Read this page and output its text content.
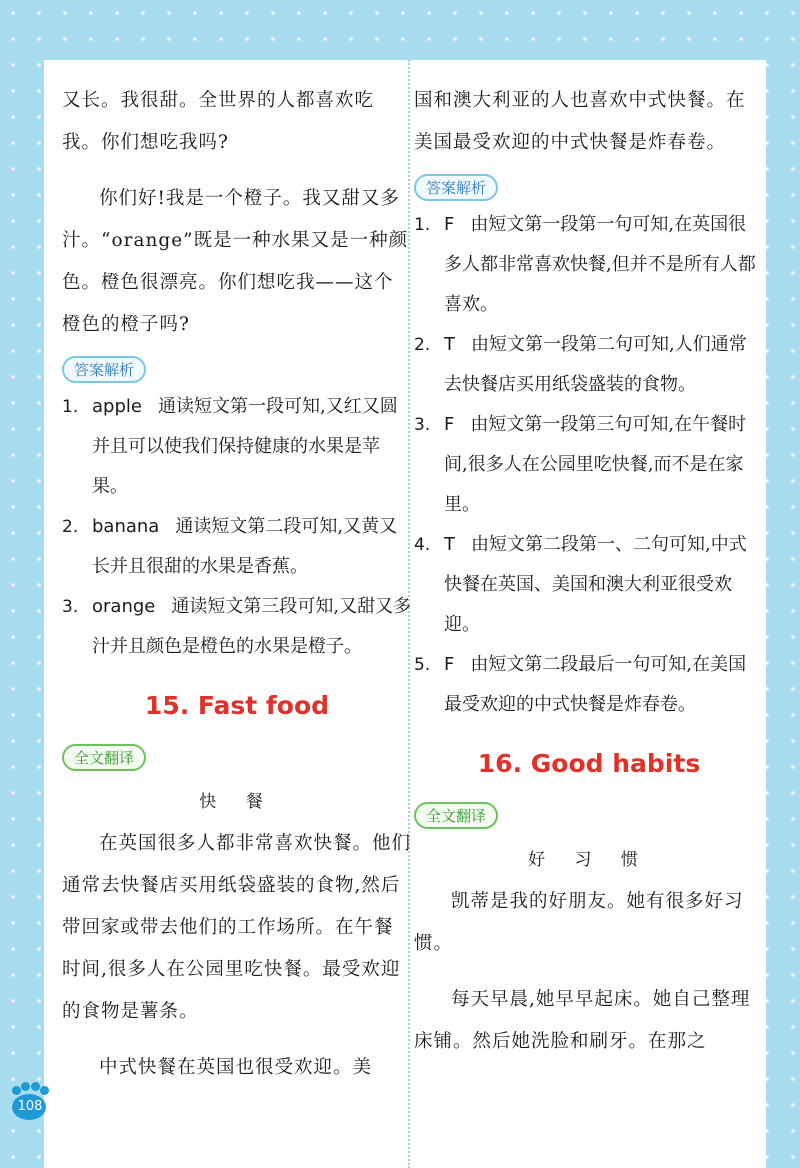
又长。我很甜。全世界的人都喜欢吃我。你们想吃我吗?

你们好!我是一个橙子。我又甜又多汁。“orange”既是一种水果又是一种颜色。橙色很漂亮。你们想吃我——这个橙色的橙子吗?

答案解析
1. apple 通读短文第一段可知,又红又圆并且可以使我们保持健康的水果是苹果。
2. banana 通读短文第二段可知,又黄又长并且很甜的水果是香蕉。
3. orange 通读短文第三段可知,又甜又多汁并且颜色是橙色的水果是橙子。
15. Fast food
全文翻译
快 餐

在英国很多人都非常喜欢快餐。他们通常去快餐店买用纸袋盛装的食物,然后带回家或带去他们的工作场所。在午餐时间,很多人在公园里吃快餐。最受欢迎的食物是薯条。

中式快餐在英国也很受欢迎。美

国和澳大利亚的人也喜欢中式快餐。在美国最受欢迎的中式快餐是炸春卷。

答案解析
1. F 由短文第一段第一句可知,在英国很多人都非常喜欢快餐,但并不是所有人都喜欢。
2. T 由短文第一段第二句可知,人们通常去快餐店买用纸袋盛装的食物。
3. F 由短文第一段第三句可知,在午餐时间,很多人在公园里吃快餐,而不是在家里。
4. T 由短文第二段第一、二句可知,中式快餐在英国、美国和澳大利亚很受欢迎。
5. F 由短文第二段最后一句可知,在美国最受欢迎的中式快餐是炸春卷。
16. Good habits
全文翻译
好 习 惯

凯蒂是我的好朋友。她有很多好习惯。

每天早晨,她早早起床。她自己整理床铺。然后她洗脸和刷牙。在那之

108
